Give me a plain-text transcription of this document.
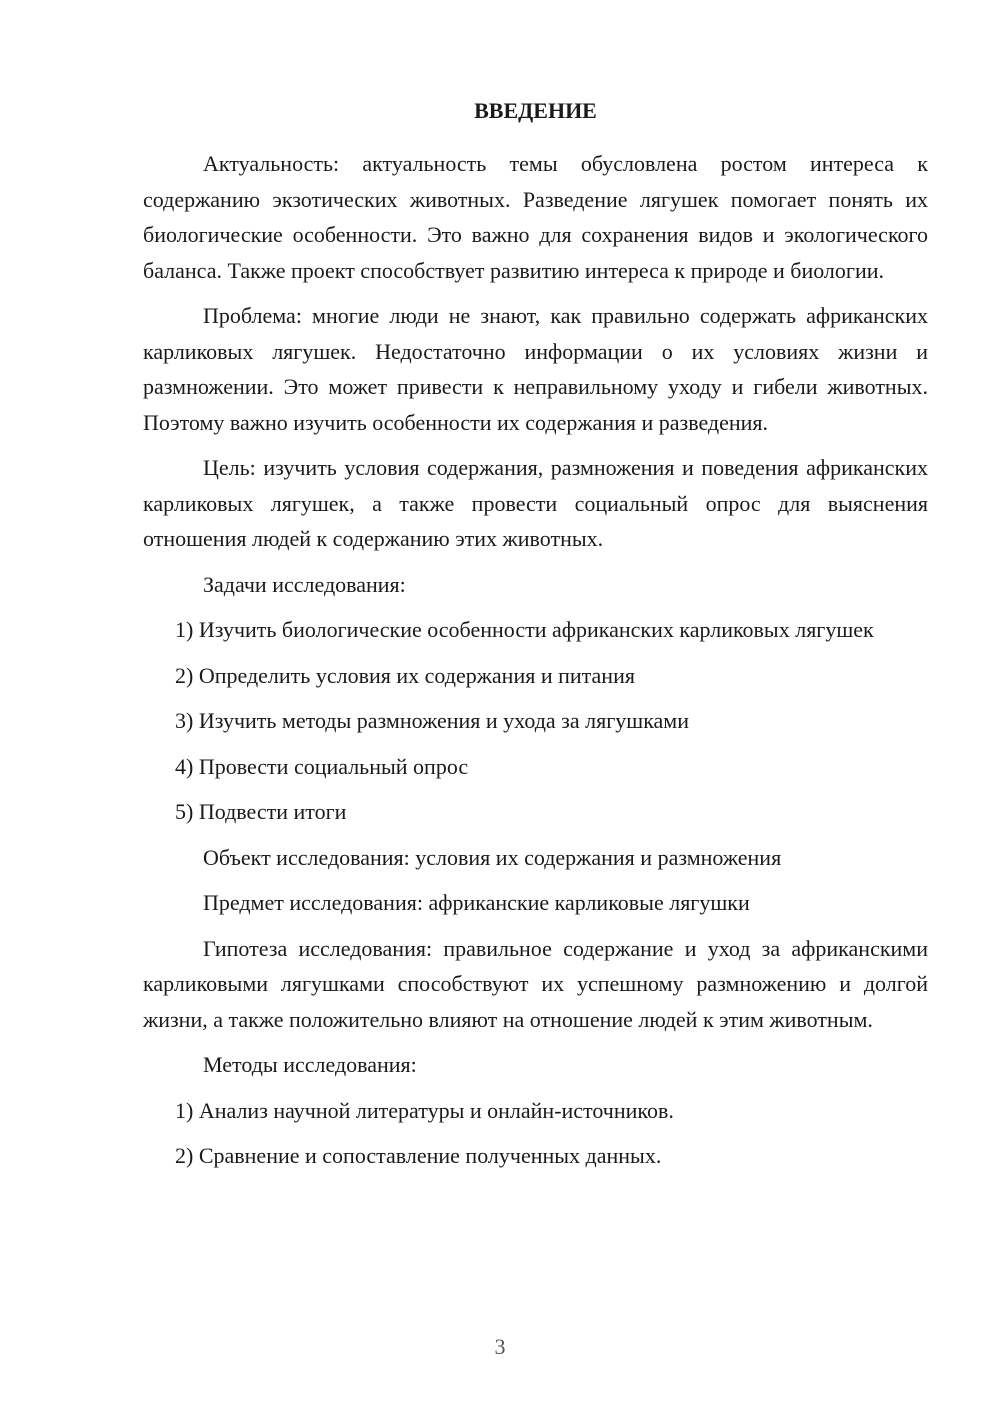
ВВЕДЕНИЕ

Актуальность: актуальность темы обусловлена ростом интереса к содержанию экзотических животных. Разведение лягушек помогает понять их биологические особенности. Это важно для сохранения видов и экологического баланса. Также проект способствует развитию интереса к природе и биологии.

Проблема: многие люди не знают, как правильно содержать африканских карликовых лягушек. Недостаточно информации о их условиях жизни и размножении. Это может привести к неправильному уходу и гибели животных. Поэтому важно изучить особенности их содержания и разведения.

Цель: изучить условия содержания, размножения и поведения африканских карликовых лягушек, а также провести социальный опрос для выяснения отношения людей к содержанию этих животных.

Задачи исследования:

1) Изучить биологические особенности африканских карликовых лягушек

2) Определить условия их содержания и питания

3) Изучить методы размножения и ухода за лягушками

4) Провести социальный опрос

5) Подвести итоги

Объект исследования: условия их содержания и размножения

Предмет исследования: африканские карликовые лягушки

Гипотеза исследования: правильное содержание и уход за африканскими карликовыми лягушками способствуют их успешному размножению и долгой жизни, а также положительно влияют на отношение людей к этим животным.

Методы исследования:

1) Анализ научной литературы и онлайн-источников.

2) Сравнение и сопоставление полученных данных.

3
